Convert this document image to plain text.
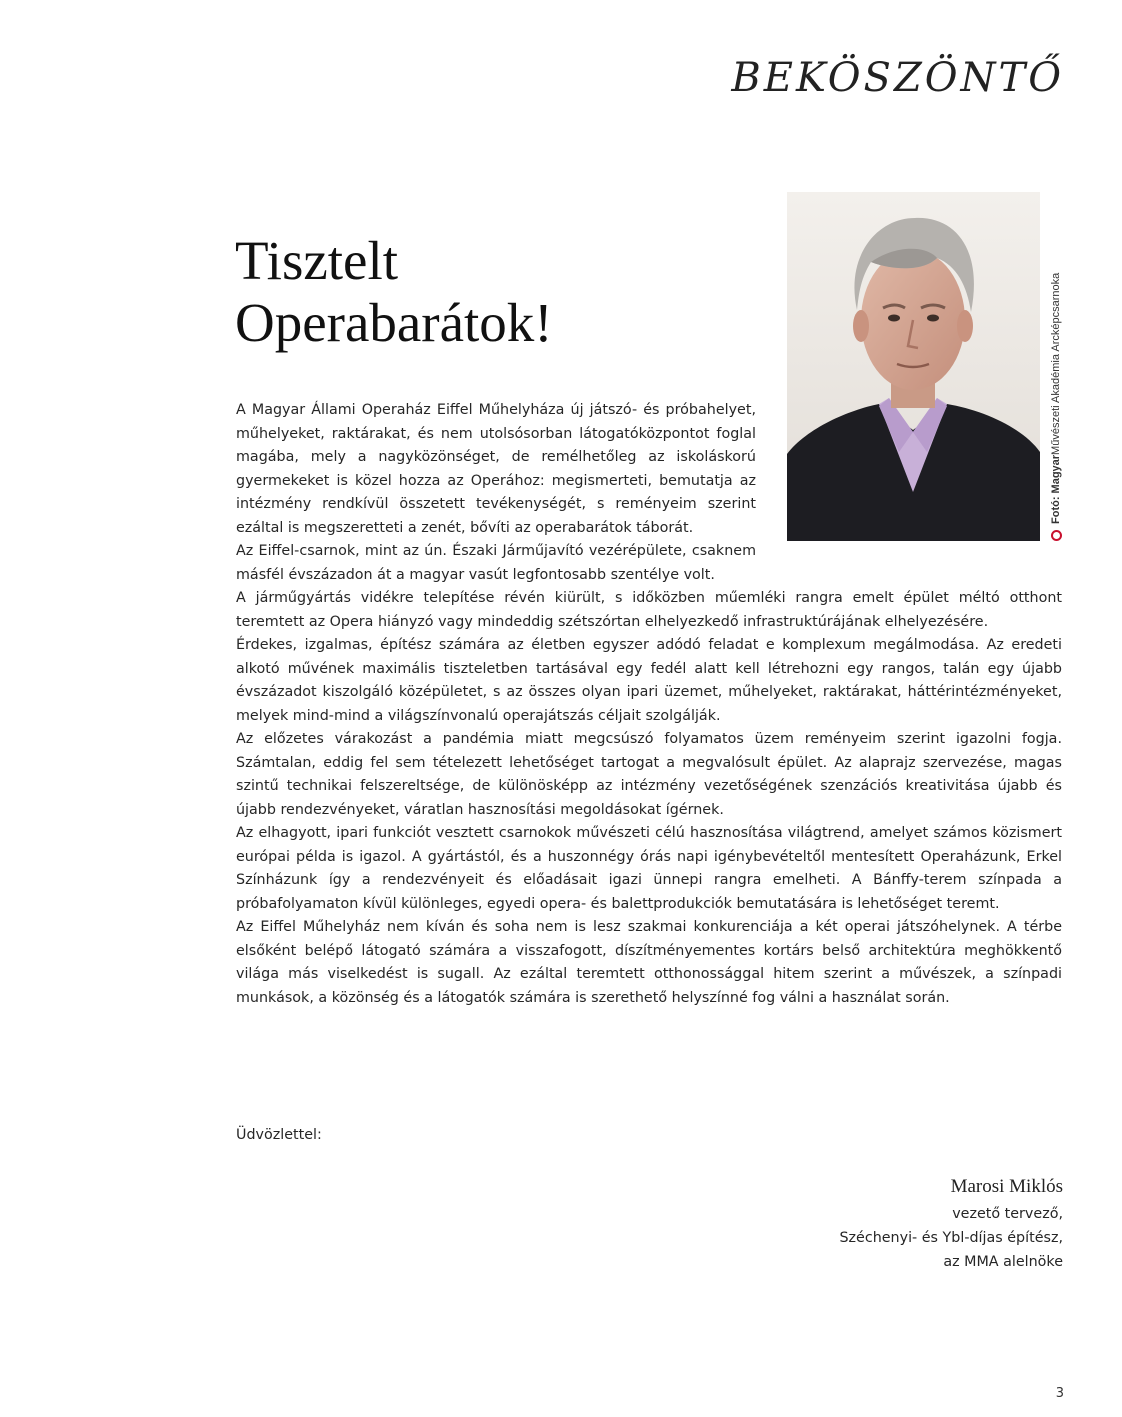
BEKÖSZÖNTŐ
Tisztelt
Operabarátok!
Fotó: Magyar
Művészeti Akadémia Arcképcsarnoka

A Magyar Állami Operaház Eiffel Műhelyháza új játszó- és próbahelyet, műhelyeket, raktárakat, és nem utolsósorban látogatóközpontot foglal magába, mely a nagyközönséget, de remélhetőleg az iskoláskorú gyermekeket is közel hozza az Operához: megismerteti, bemutatja az intézmény rendkívül összetett tevékenységét, s reményeim szerint ezáltal is megszeretteti a zenét, bővíti az operabarátok táborát.

Az Eiffel-csarnok, mint az ún. Északi Járműjavító vezérépülete, csaknem másfél évszázadon át a magyar vasút legfontosabb szentélye volt.

A járműgyártás vidékre telepítése révén kiürült, s időközben műemléki rangra emelt épület méltó otthont teremtett az Opera hiányzó vagy mindeddig szétszórtan elhelyezkedő infrastruktúrájának elhelyezésére.

Érdekes, izgalmas, építész számára az életben egyszer adódó feladat e komplexum megálmodása. Az eredeti alkotó művének maximális tiszteletben tartásával egy fedél alatt kell létrehozni egy rangos, talán egy újabb évszázadot kiszolgáló középületet, s az összes olyan ipari üzemet, műhelyeket, raktárakat, háttérintézményeket, melyek mind-mind a világszínvonalú operajátszás céljait szolgálják.

Az előzetes várakozást a pandémia miatt megcsúszó folyamatos üzem reményeim szerint igazolni fogja. Számtalan, eddig fel sem tételezett lehetőséget tartogat a megvalósult épület. Az alaprajz szervezése, magas szintű technikai felszereltsége, de különösképp az intézmény vezetőségének szenzációs kreativitása újabb és újabb rendezvényeket, váratlan hasznosítási megoldásokat ígérnek.

Az elhagyott, ipari funkciót vesztett csarnokok művészeti célú hasznosítása világtrend, amelyet számos közismert európai példa is igazol. A gyártástól, és a huszonnégy órás napi igénybevételtől mentesített Operaházunk, Erkel Színházunk így a rendezvényeit és előadásait igazi ünnepi rangra emelheti. A Bánffy-terem színpada a próbafolyamaton kívül különleges, egyedi opera- és balettprodukciók bemutatására is lehetőséget teremt.

Az Eiffel Műhelyház nem kíván és soha nem is lesz szakmai konkurenciája a két operai játszóhelynek. A térbe elsőként belépő látogató számára a visszafogott, díszítményementes kortárs belső architektúra meghökkentő világa más viselkedést is sugall. Az ezáltal teremtett otthonossággal hitem szerint a művészek, a színpadi munkások, a közönség és a látogatók számára is szerethető helyszínné fog válni a használat során.

Üdvözlettel:
Marosi Miklós
vezető tervező,
Széchenyi- és Ybl-díjas építész,
az MMA alelnöke
3
